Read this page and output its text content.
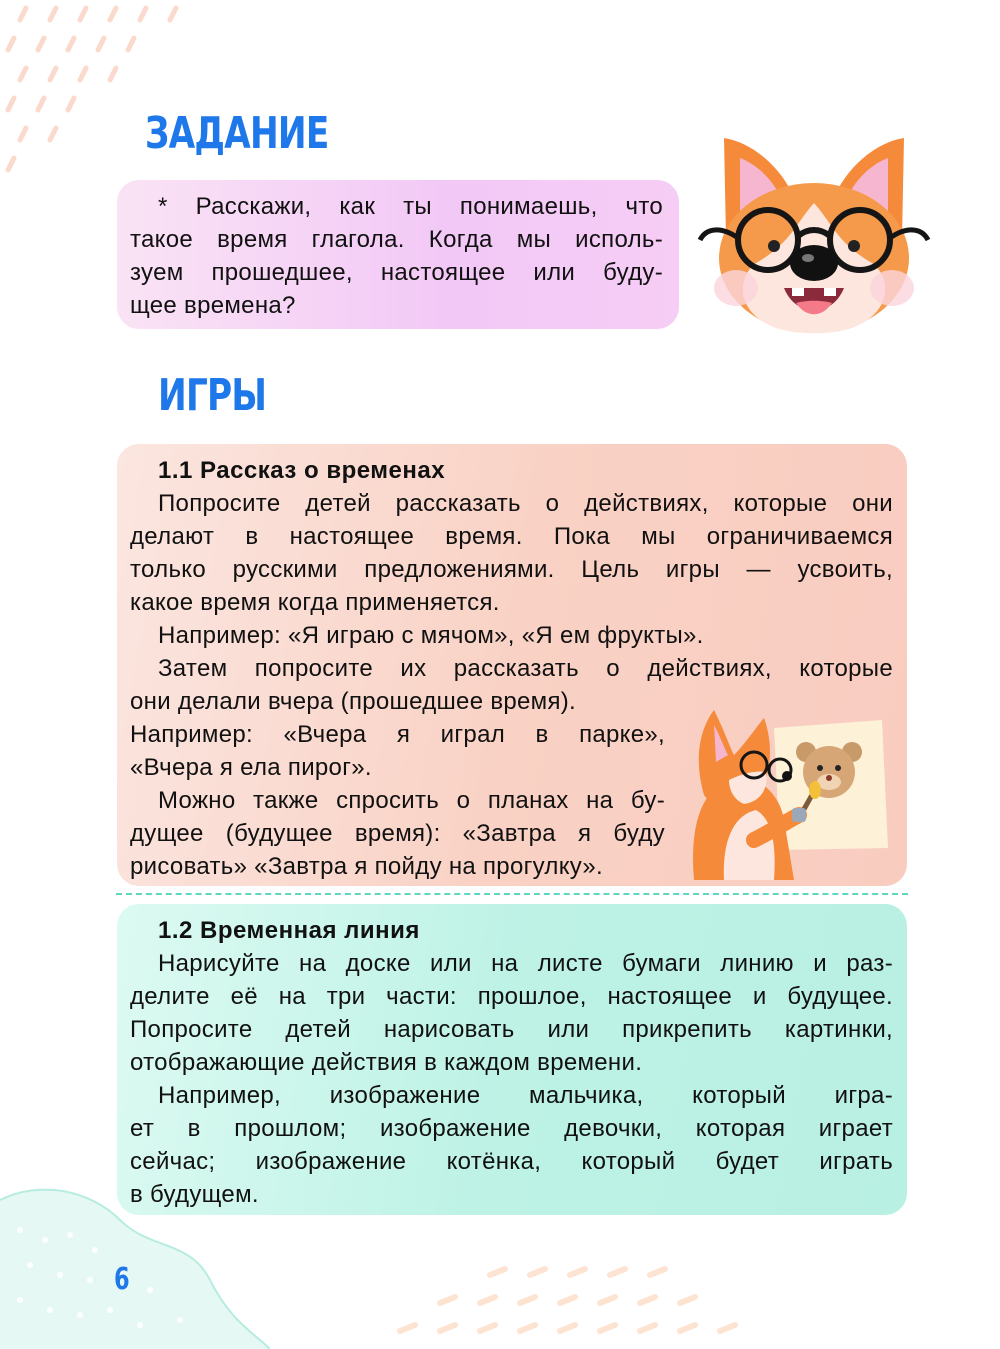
ЗАДАНИЕ
* Расскажи, как ты понимаешь, что
такое время глагола. Когда мы исполь-
зуем прошедшее, настоящее или буду-
щее времена?
ИГРЫ
1.1 Рассказ о временах
Попросите детей рассказать о действиях, которые они
делают в настоящее время. Пока мы ограничиваемся
только русскими предложениями. Цель игры — усвоить,
какое время когда применяется.
Например: «Я играю с мячом», «Я ем фрукты».
Затем попросите их рассказать о действиях, которые
они делали вчера (прошедшее время).
Например: «Вчера я играл в парке»,
«Вчера я ела пирог».
Можно также спросить о планах на бу-
дущее (будущее время): «Завтра я буду
рисовать» «Завтра я пойду на прогулку».
1.2 Временная линия
Нарисуйте на доске или на листе бумаги линию и раз-
делите её на три части: прошлое, настоящее и будущее.
Попросите детей нарисовать или прикрепить картинки,
отображающие действия в каждом времени.
Например, изображение мальчика, который игра-
ет в прошлом; изображение девочки, которая играет
сейчас; изображение котёнка, который будет играть
в будущем.

6
